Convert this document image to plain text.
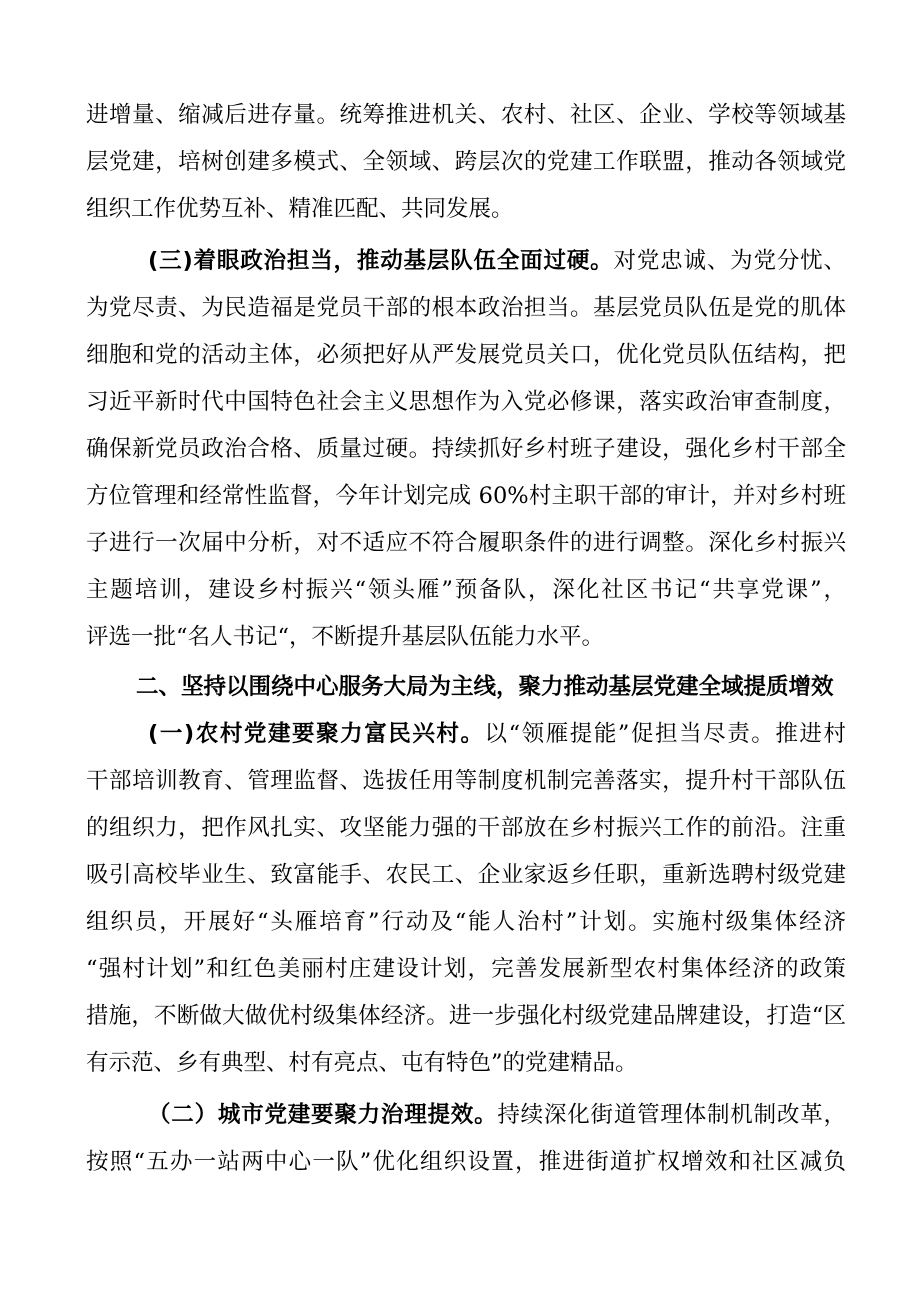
进增量、缩减后进存量。统筹推进机关、农村、社区、企业、学校等领域基
层党建，培树创建多模式、全领域、跨层次的党建工作联盟，推动各领域党
组织工作优势互补、精准匹配、共同发展。

(三)着眼政治担当，推动基层队伍全面过硬。对党忠诚、为党分忧、
为党尽责、为民造福是党员干部的根本政治担当。基层党员队伍是党的肌体
细胞和党的活动主体，必须把好从严发展党员关口，优化党员队伍结构，把
习近平新时代中国特色社会主义思想作为入党必修课，落实政治审查制度，
确保新党员政治合格、质量过硬。持续抓好乡村班子建设，强化乡村干部全
方位管理和经常性监督，今年计划完成 60%村主职干部的审计，并对乡村班
子进行一次届中分析，对不适应不符合履职条件的进行调整。深化乡村振兴
主题培训，建设乡村振兴“领头雁”预备队，深化社区书记“共享党课”，
评选一批“名人书记“，不断提升基层队伍能力水平。

二、坚持以围绕中心服务大局为主线，聚力推动基层党建全域提质增效

(一)农村党建要聚力富民兴村。以“领雁提能”促担当尽责。推进村
干部培训教育、管理监督、选拔任用等制度机制完善落实，提升村干部队伍
的组织力，把作风扎实、攻坚能力强的干部放在乡村振兴工作的前沿。注重
吸引高校毕业生、致富能手、农民工、企业家返乡任职，重新选聘村级党建
组织员，开展好“头雁培育”行动及“能人治村”计划。实施村级集体经济
“强村计划”和红色美丽村庄建设计划，完善发展新型农村集体经济的政策
措施，不断做大做优村级集体经济。进一步强化村级党建品牌建设，打造“区
有示范、乡有典型、村有亮点、屯有特色”的党建精品。

（二）城市党建要聚力治理提效。持续深化街道管理体制机制改革，
按照“五办一站两中心一队”优化组织设置，推进街道扩权增效和社区减负
